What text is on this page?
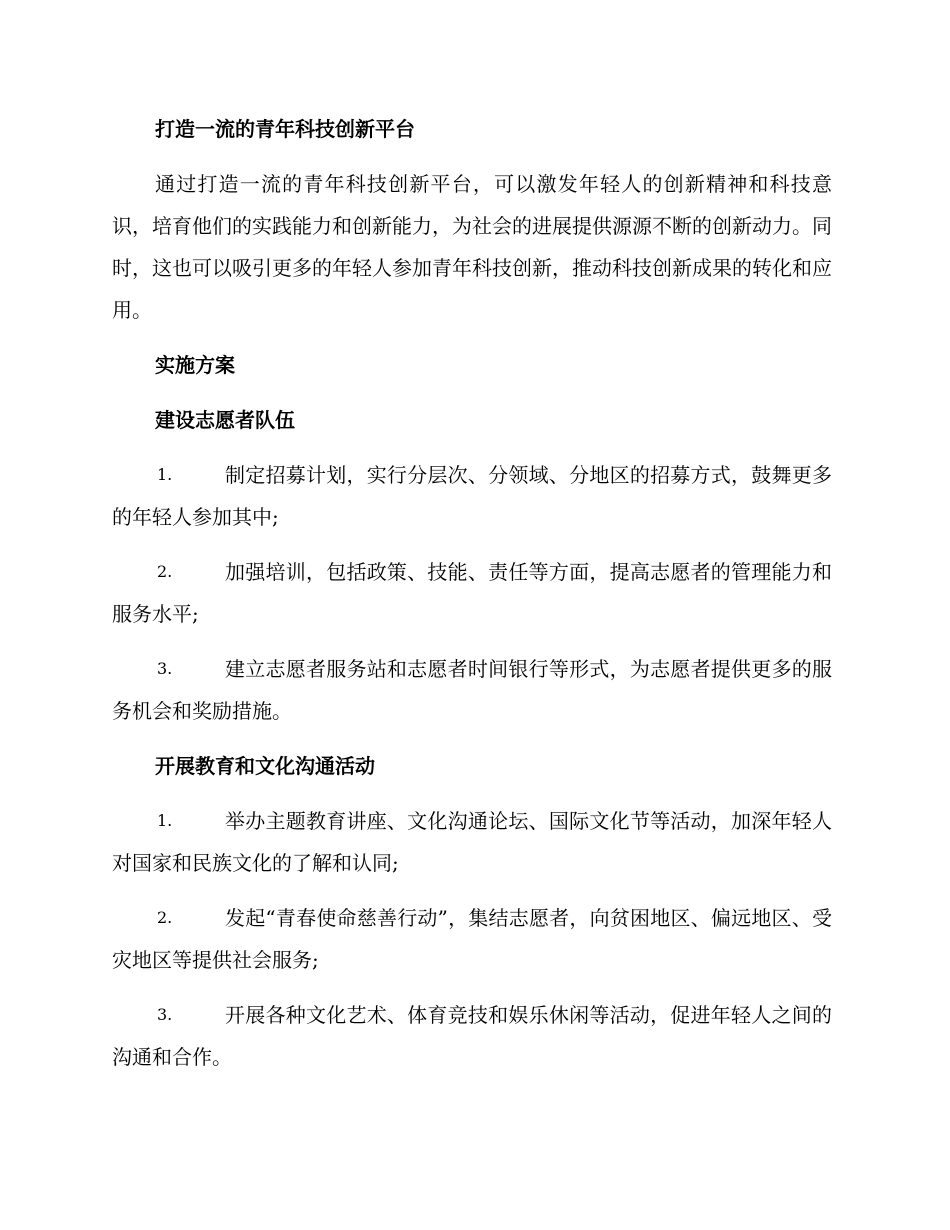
打造一流的青年科技创新平台
通过打造一流的青年科技创新平台，可以激发年轻人的创新精神和科技意识，培育他们的实践能力和创新能力，为社会的进展提供源源不断的创新动力。同时，这也可以吸引更多的年轻人参加青年科技创新，推动科技创新成果的转化和应用。
实施方案
建设志愿者队伍
1.	制定招募计划，实行分层次、分领域、分地区的招募方式，鼓舞更多的年轻人参加其中;
2.	加强培训，包括政策、技能、责任等方面，提高志愿者的管理能力和服务水平;
3.	建立志愿者服务站和志愿者时间银行等形式，为志愿者提供更多的服务机会和奖励措施。
开展教育和文化沟通活动
1.	举办主题教育讲座、文化沟通论坛、国际文化节等活动，加深年轻人对国家和民族文化的了解和认同;
2.	发起“青春使命慈善行动”，集结志愿者，向贫困地区、偏远地区、受灾地区等提供社会服务;
3.	开展各种文化艺术、体育竞技和娱乐休闲等活动，促进年轻人之间的沟通和合作。
